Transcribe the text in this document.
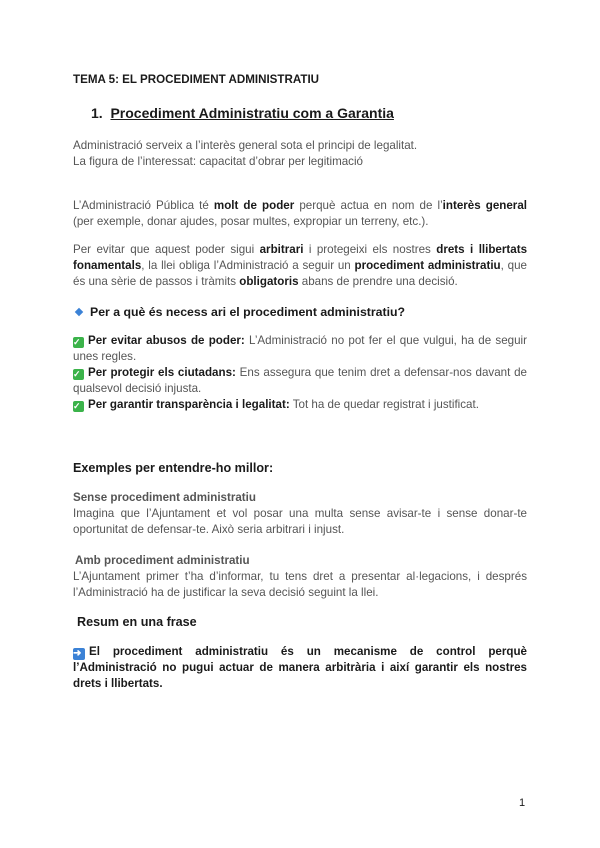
TEMA 5: EL PROCEDIMENT ADMINISTRATIU

1. Procediment Administratiu com a Garantia

Administració serveix a l’interès general sota el principi de legalitat.
La figura de l’interessat: capacitat d’obrar per legitimació

L’Administració Pública té molt de poder perquè actua en nom de l’interès general (per exemple, donar ajudes, posar multes, expropiar un terreny, etc.).

Per evitar que aquest poder sigui arbitrari i protegeixi els nostres drets i llibertats fonamentals, la llei obliga l’Administració a seguir un procediment administratiu, que és una sèrie de passos i tràmits obligatoris abans de prendre una decisió.

Per a què és necess ari el procediment administratiu?

✓ Per evitar abusos de poder: L’Administració no pot fer el que vulgui, ha de seguir unes regles.
✓ Per protegir els ciutadans: Ens assegura que tenim dret a defensar-nos davant de qualsevol decisió injusta.
✓ Per garantir transparència i legalitat: Tot ha de quedar registrat i justificat.

Exemples per entendre-ho millor:

Sense procediment administratiu

Imagina que l’Ajuntament et vol posar una multa sense avisar-te i sense donar-te oportunitat de defensar-te. Això seria arbitrari i injust.

Amb procediment administratiu

L’Ajuntament primer t’ha d’informar, tu tens dret a presentar al·legacions, i després l’Administració ha de justificar la seva decisió seguint la llei.

Resum en una frase

➜ El procediment administratiu és un mecanisme de control perquè l’Administració no pugui actuar de manera arbitrària i així garantir els nostres drets i llibertats.

1
